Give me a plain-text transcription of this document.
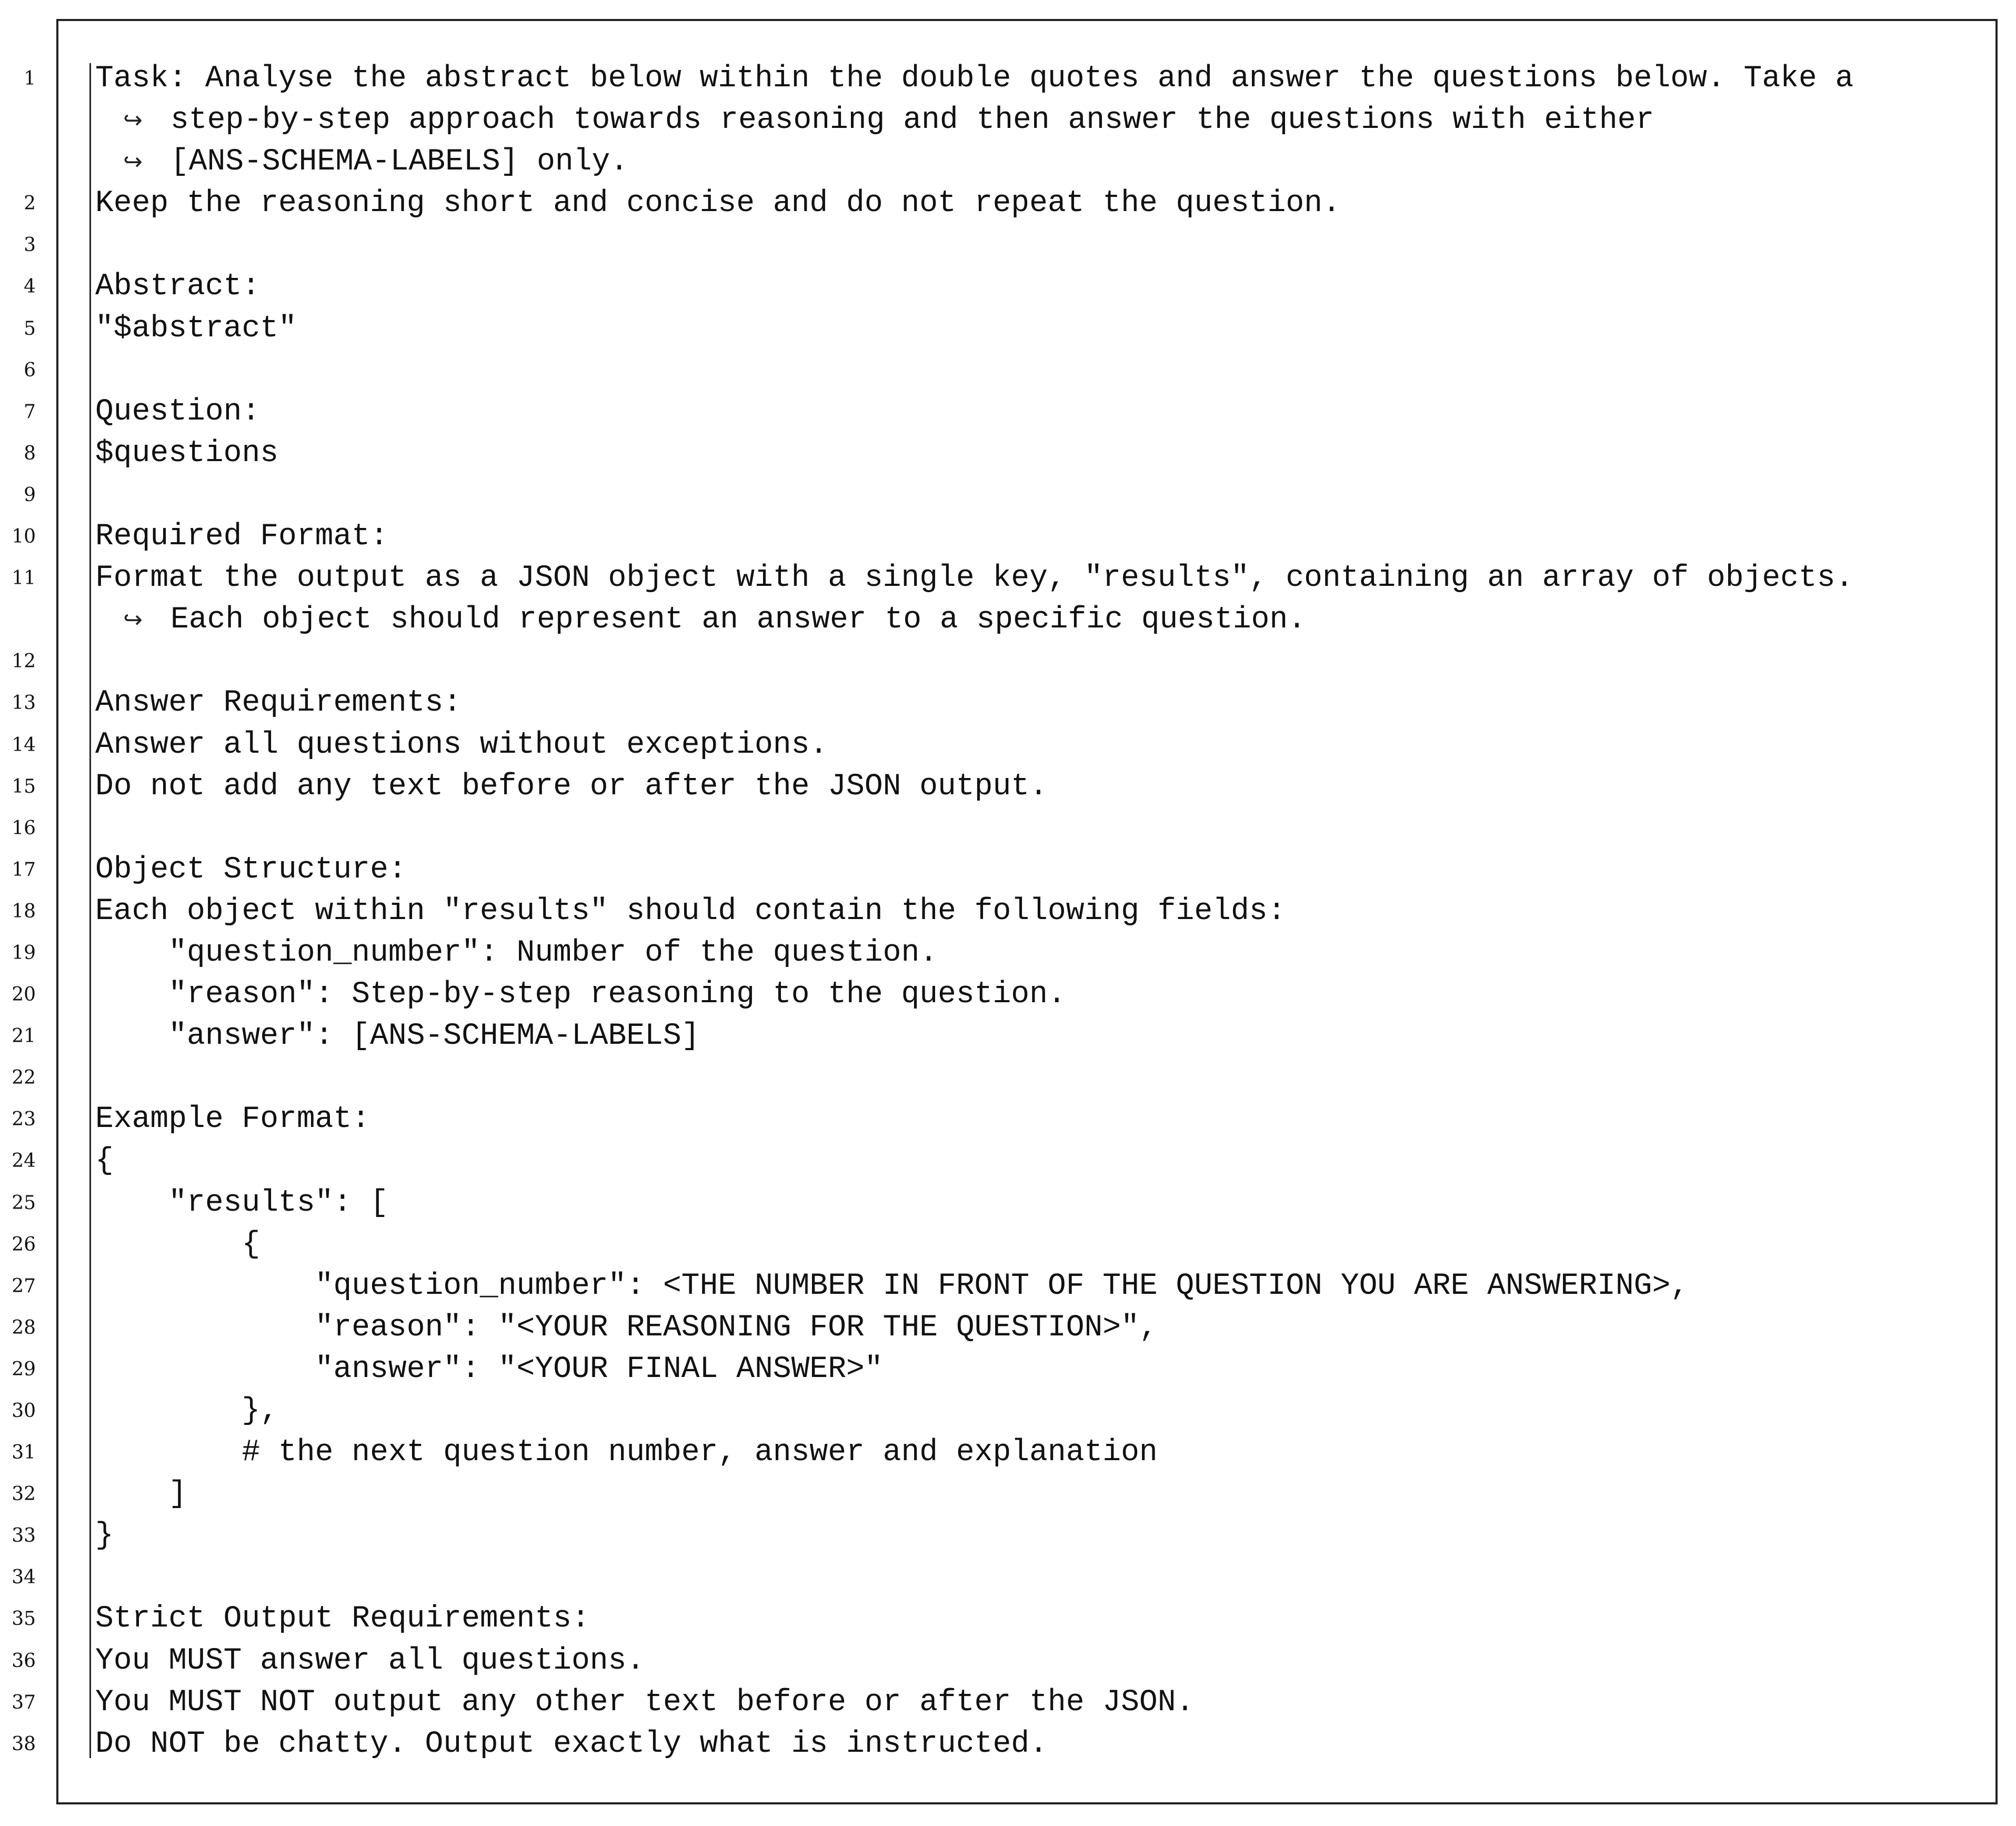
1 Task: Analyse the abstract below within the double quotes and answer the questions below. Take a
↪ step-by-step approach towards reasoning and then answer the questions with either
↪ [ANS-SCHEMA-LABELS] only.
2 Keep the reasoning short and concise and do not repeat the question.
3
4 Abstract:
5 "$abstract"
6
7 Question:
8 $questions
9
10 Required Format:
11 Format the output as a JSON object with a single key, "results", containing an array of objects.
↪ Each object should represent an answer to a specific question.
12
13 Answer Requirements:
14 Answer all questions without exceptions.
15 Do not add any text before or after the JSON output.
16
17 Object Structure:
18 Each object within "results" should contain the following fields:
19 "question_number": Number of the question.
20 "reason": Step-by-step reasoning to the question.
21 "answer": [ANS-SCHEMA-LABELS]
22
23 Example Format:
24 {
25 "results": [
26 {
27 "question_number": <THE NUMBER IN FRONT OF THE QUESTION YOU ARE ANSWERING>,
28 "reason": "<YOUR REASONING FOR THE QUESTION>",
29 "answer": "<YOUR FINAL ANSWER>"
30 },
31 # the next question number, answer and explanation
32 ]
33 }
34
35 Strict Output Requirements:
36 You MUST answer all questions.
37 You MUST NOT output any other text before or after the JSON.
38 Do NOT be chatty. Output exactly what is instructed.
